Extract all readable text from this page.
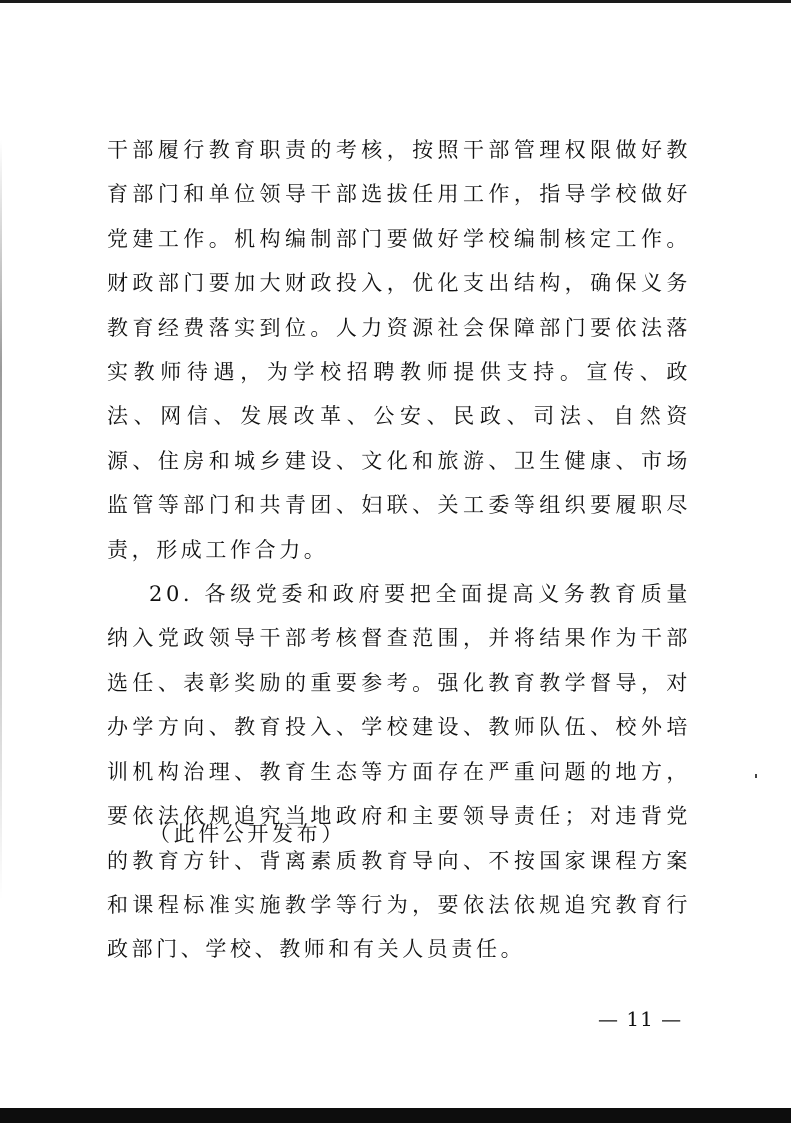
干部履行教育职责的考核，按照干部管理权限做好教育部门和单位领导干部选拔任用工作，指导学校做好党建工作。机构编制部门要做好学校编制核定工作。财政部门要加大财政投入，优化支出结构，确保义务教育经费落实到位。人力资源社会保障部门要依法落实教师待遇，为学校招聘教师提供支持。宣传、政法、网信、发展改革、公安、民政、司法、自然资源、住房和城乡建设、文化和旅游、卫生健康、市场监管等部门和共青团、妇联、关工委等组织要履职尽责，形成工作合力。

20. 各级党委和政府要把全面提高义务教育质量纳入党政领导干部考核督查范围，并将结果作为干部选任、表彰奖励的重要参考。强化教育教学督导，对办学方向、教育投入、学校建设、教师队伍、校外培训机构治理、教育生态等方面存在严重问题的地方，要依法依规追究当地政府和主要领导责任；对违背党的教育方针、背离素质教育导向、不按国家课程方案和课程标准实施教学等行为，要依法依规追究教育行政部门、学校、教师和有关人员责任。

（此件公开发布）

— 11 —
